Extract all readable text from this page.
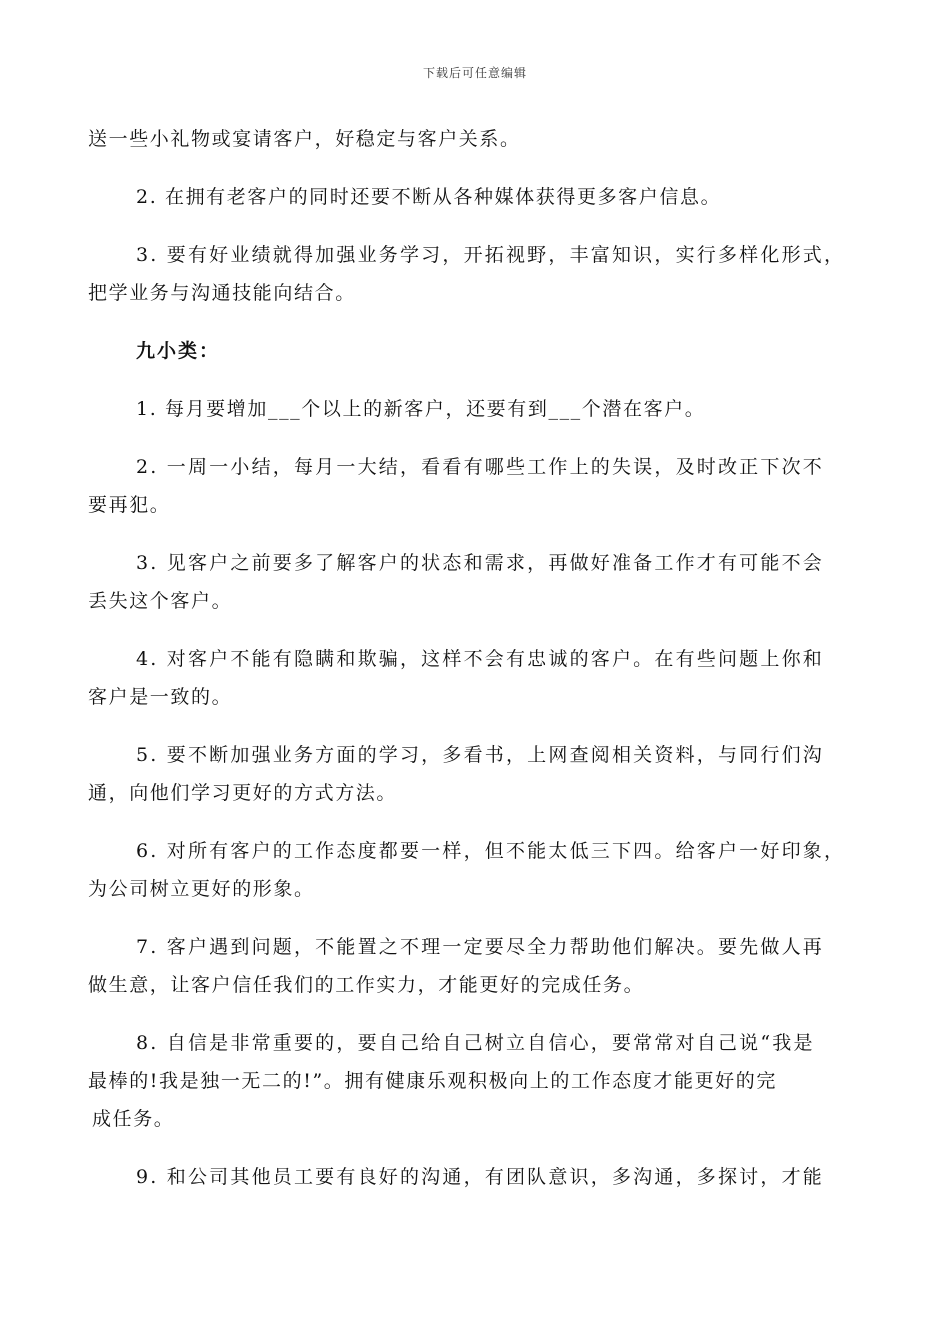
下载后可任意编辑
送一些小礼物或宴请客户，好稳定与客户关系。
2. 在拥有老客户的同时还要不断从各种媒体获得更多客户信息。
3. 要有好业绩就得加强业务学习，开拓视野，丰富知识，实行多样化形式，
把学业务与沟通技能向结合。
九小类：
1. 每月要增加___个以上的新客户，还要有到___个潜在客户。
2. 一周一小结，每月一大结，看看有哪些工作上的失误，及时改正下次不
要再犯。
3. 见客户之前要多了解客户的状态和需求，再做好准备工作才有可能不会
丢失这个客户。
4. 对客户不能有隐瞒和欺骗，这样不会有忠诚的客户。在有些问题上你和
客户是一致的。
5. 要不断加强业务方面的学习，多看书，上网查阅相关资料，与同行们沟
通，向他们学习更好的方式方法。
6. 对所有客户的工作态度都要一样，但不能太低三下四。给客户一好印象，
为公司树立更好的形象。
7. 客户遇到问题，不能置之不理一定要尽全力帮助他们解决。要先做人再
做生意，让客户信任我们的工作实力，才能更好的完成任务。
8. 自信是非常重要的，要自己给自己树立自信心，要常常对自己说“我是
最棒的!我是独一无二的!”。拥有健康乐观积极向上的工作态度才能更好的完
成任务。
9. 和公司其他员工要有良好的沟通，有团队意识，多沟通，多探讨，才能
